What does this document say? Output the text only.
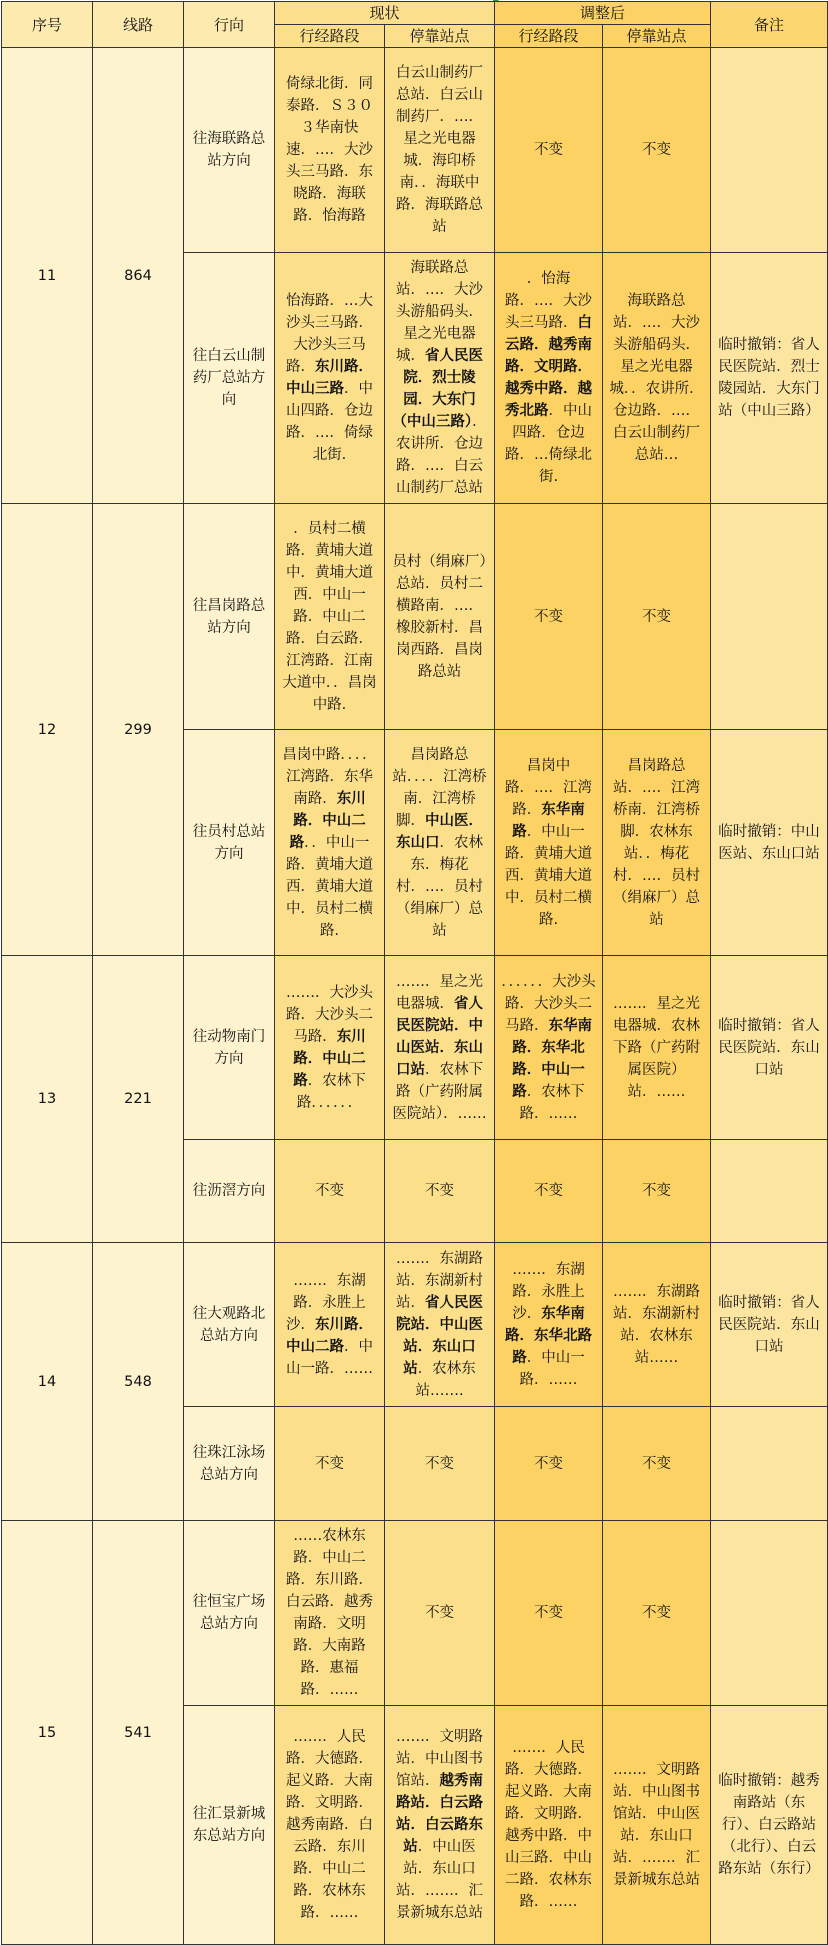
序号	线路	行向	现状		调整后		备注
			行经路段	停靠站点	行经路段	停靠站点	
11	864	往海联路总站方向	倚绿北街．同泰路．Ｓ３０３华南快速．…．大沙头三马路．东晓路．海联路．怡海路	白云山制药厂总站．白云山制药厂．…．星之光电器城．海印桥南．．海联中路．海联路总站	不变	不变	
		往白云山制药厂总站方向	怡海路．…大沙头三马路．大沙头三马路．东川路．中山三路．中山四路．仓边路．…．倚绿北街.	海联路总站．…．大沙头游船码头．星之光电器城．省人民医院．烈士陵园．大东门（中山三路）．农讲所．仓边路．…．白云山制药厂总站	．怡海路．…．大沙头三马路．白云路．越秀南路．文明路．越秀中路．越秀北路．中山四路．仓边路．…倚绿北街.	海联路总站．…．大沙头游船码头．星之光电器城．．农讲所．仓边路．…．白云山制药厂总站…	临时撤销：省人民医院站．烈士陵园站．大东门站（中山三路）
12	299	往昌岗路总站方向	．员村二横路．黄埔大道中．黄埔大道西．中山一路．中山二路．白云路．江湾路．江南大道中．．昌岗中路.	员村（绢麻厂）总站．员村二横路南．…．橡胶新村．昌岗西路．昌岗路总站	不变	不变	
		往员村总站方向	昌岗中路．．．．江湾路．东华南路．东川路．中山二路．．中山一路．黄埔大道西．黄埔大道中．员村二横路.	昌岗路总站．．．．江湾桥南．江湾桥脚．中山医．东山口．农林东．梅花村．…．员村（绢麻厂）总站	昌岗中路．…．江湾路．东华南路．中山一路．黄埔大道西．黄埔大道中．员村二横路.	昌岗路总站．…．江湾桥南．江湾桥脚．农林东站．．梅花村．…．员村（绢麻厂）总站	临时撤销：中山医站、东山口站
13	221	往动物南门方向	……．大沙头路．大沙头二马路．东川路．中山二路．农林下路．．．．．．	……．星之光电器城．省人民医院站．中山医站．东山口站．农林下路（广药附属医院站）．……	．．．．．．大沙头路．大沙头二马路．东华南路．东华北路．中山一路．农林下路．……	……．星之光电器城．农林下路（广药附属医院）站．……	临时撤销：省人民医院站．东山口站
		往沥滘方向	不变	不变	不变	不变	
14	548	往大观路北总站方向	……．东湖路．永胜上沙．东川路．中山二路．中山一路．……	……．东湖路站．东湖新村站．省人民医院站．中山医站．东山口站．农林东站…….	……．东湖路．永胜上沙．东华南路．东华北路路．中山一路．……	……．东湖路站．东湖新村站．农林东站……	临时撤销：省人民医院站．东山口站
		往珠江泳场总站方向	不变	不变	不变	不变	
15	541	往恒宝广场总站方向	……农林东路．中山二路．东川路．白云路．越秀南路．文明路．大南路路．惠福路．……	不变	不变	不变	
		往汇景新城东总站方向	……．人民路．大德路．起义路．大南路．文明路．越秀南路．白云路．东川路．中山二路．农林东路．……	……．文明路站．中山图书馆站．越秀南路站．白云路站．白云路东站．中山医站．东山口站．……．汇景新城东总站	……．人民路．大德路．起义路．大南路．文明路．越秀中路．中山三路．中山二路．农林东路．……	……．文明路站．中山图书馆站．中山医站．东山口站．……．汇景新城东总站	临时撤销：越秀南路站（东行）、白云路站（北行）、白云路东站（东行）
